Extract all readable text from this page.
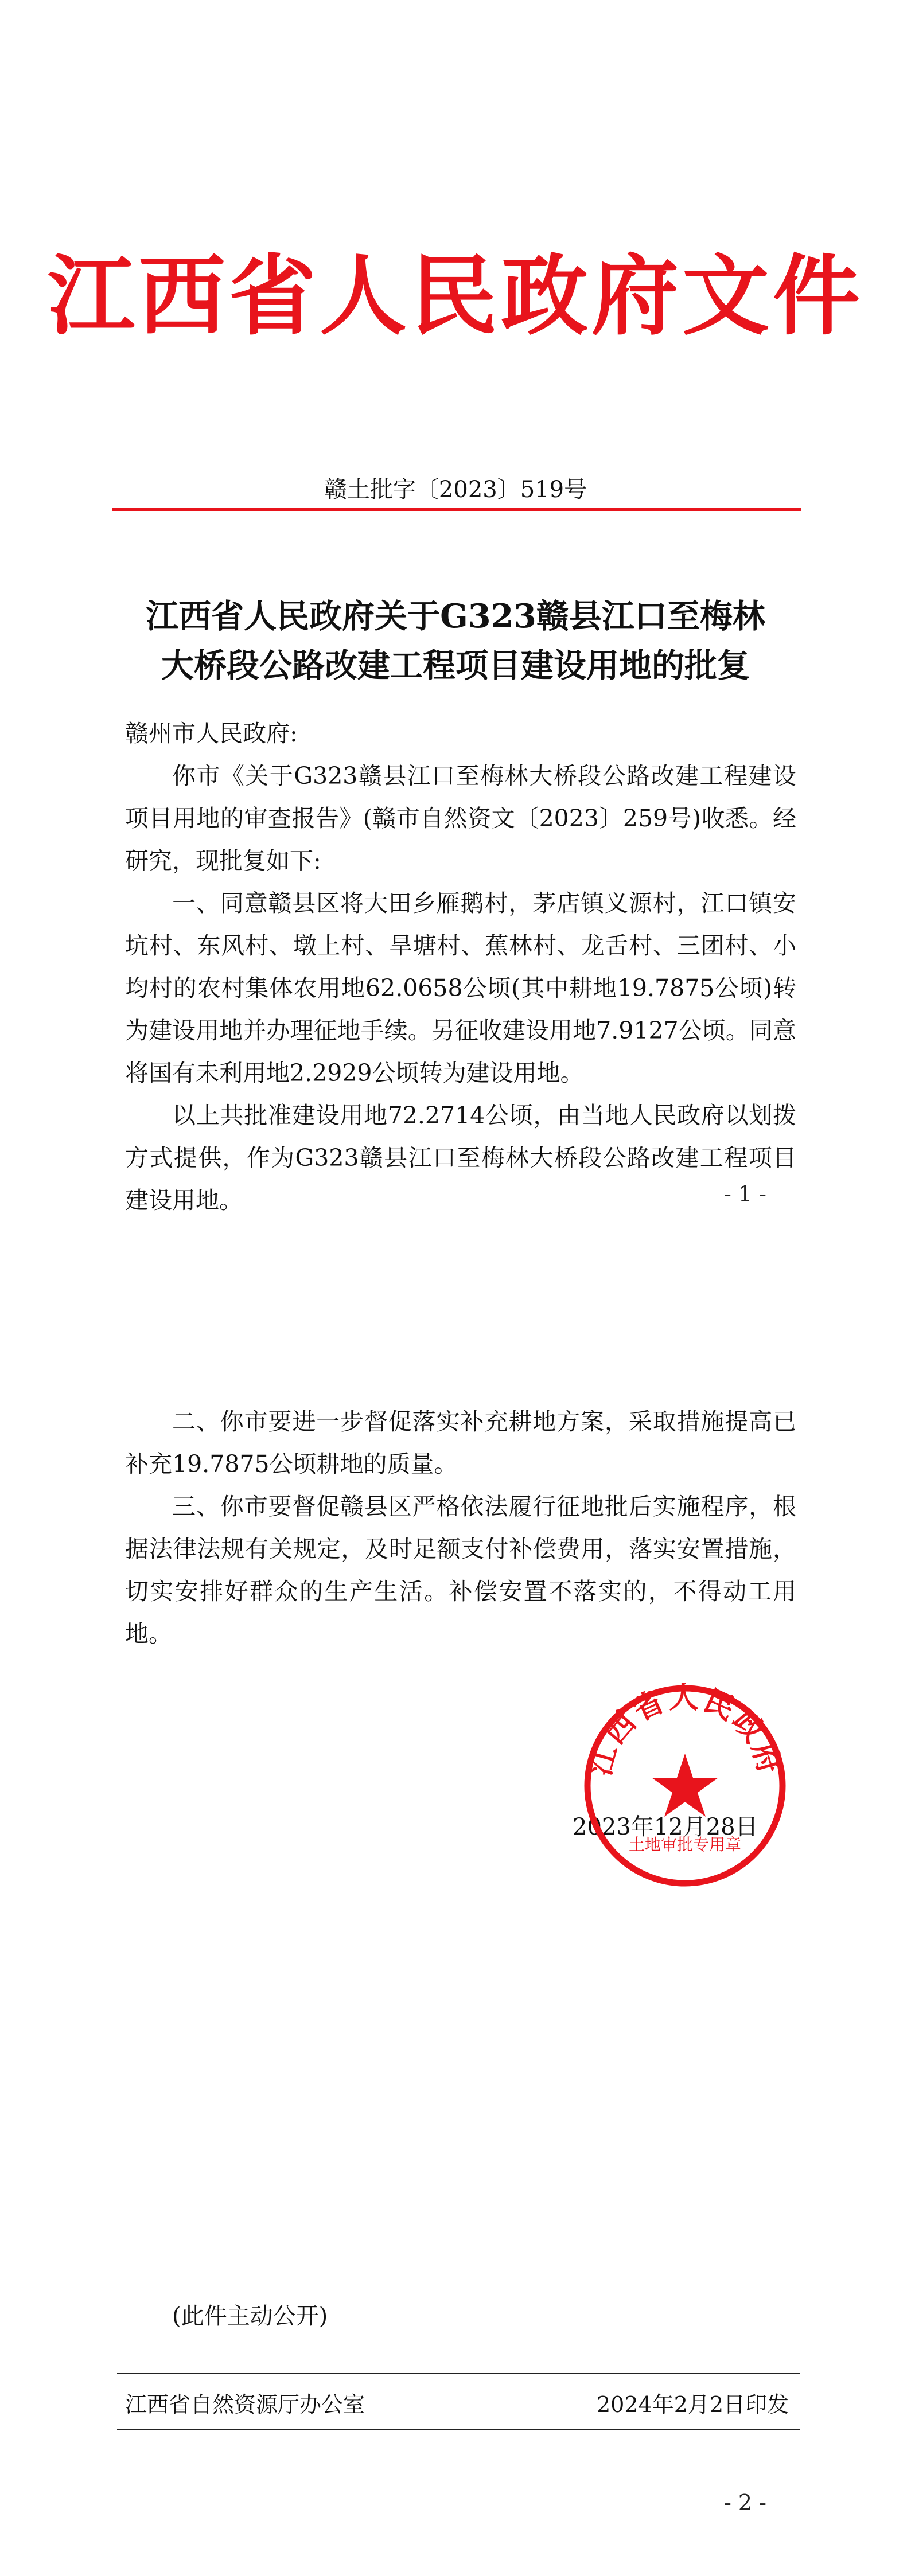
江西省人民政府文件
赣土批字〔2023〕519号
江西省人民政府关于G323赣县江口至梅林
大桥段公路改建工程项目建设用地的批复
赣州市人民政府:

你市《关于G323赣县江口至梅林大桥段公路改建工程建设项目用地的审查报告》(赣市自然资文〔2023〕259号)收悉。经研究，现批复如下:

一、同意赣县区将大田乡雁鹅村，茅店镇义源村，江口镇安坑村、东风村、墩上村、旱塘村、蕉林村、龙舌村、三团村、小均村的农村集体农用地62.0658公顷(其中耕地19.7875公顷)转为建设用地并办理征地手续。另征收建设用地7.9127公顷。同意将国有未利用地2.2929公顷转为建设用地。

以上共批准建设用地72.2714公顷，由当地人民政府以划拨方式提供，作为G323赣县江口至梅林大桥段公路改建工程项目建设用地。	- 1 -

二、你市要进一步督促落实补充耕地方案，采取措施提高已补充19.7875公顷耕地的质量。

三、你市要督促赣县区严格依法履行征地批后实施程序，根据法律法规有关规定，及时足额支付补偿费用，落实安置措施，切实安排好群众的生产生活。补偿安置不落实的，不得动工用地。

2023年12月28日
江西省人民政府
土地审批专用章
(此件主动公开)
江西省自然资源厅办公室	2024年2月2日印发
- 2 -
